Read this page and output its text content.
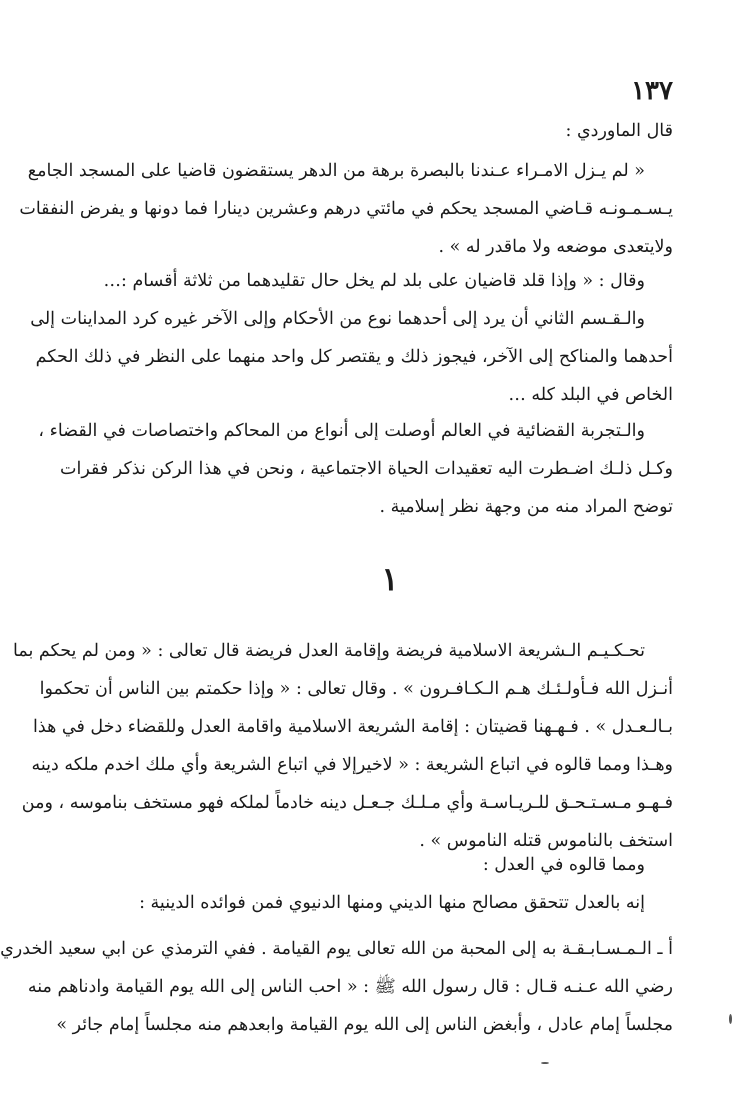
١٣٧
قال الماوردي :
« لم يـزل الامـراء عـندنا بالبصرة برهة من الدهر يستقضون قاضيا على المسجد الجامع
يـسـمـونـه قـاضي المسجد يحكم في مائتي درهم وعشرين دينارا فما دونها و يفرض النفقات
ولايتعدى موضعه ولا ماقدر له » .
وقال : « وإذا قلد قاضيان على بلد لم يخل حال تقليدهما من ثلاثة أقسام :…
والـقـسم الثاني أن يرد إلى أحدهما نوع من الأحكام وإلى الآخر غيره كرد المداينات إلى
أحدهما والمناكح إلى الآخر، فيجوز ذلك و يقتصر كل واحد منهما على النظر في ذلك الحكم
الخاص في البلد كله …
والـتجربة القضائية في العالم أوصلت إلى أنواع من المحاكم واختصاصات في القضاء ،
وكـل ذلـك اضـطرت اليه تعقيدات الحياة الاجتماعية ، ونحن في هذا الركن نذكر فقرات
توضح المراد منه من وجهة نظر إسلامية .
١
تحـكـيـم الـشريعة الاسلامية فريضة وإقامة العدل فريضة قال تعالى : « ومن لم يحكم بما
أنـزل الله فـأولـئـك هـم الـكـافـرون » . وقال تعالى : « وإذا حكمتم بين الناس أن تحكموا
بـالـعـدل » . فـهـهنا قضيتان : إقامة الشريعة الاسلامية واقامة العدل وللقضاء دخل في هذا
وهـذا ومما قالوه في اتباع الشريعة : « لاخيرإلا في اتباع الشريعة وأي ملك اخدم ملكه دينه
فـهـو مـسـتـحـق للـريـاسـة وأي مـلـك جـعـل دينه خادماً لملكه فهو مستخف بناموسه ، ومن
استخف بالناموس قتله الناموس » .
ومما قالوه في العدل :
إنه بالعدل تتحقق مصالح منها الديني ومنها الدنيوي فمن فوائده الدينية :
أ ـ الـمـسـابـقـة به إلى المحبة من الله تعالى يوم القيامة . ففي الترمذي عن ابي سعيد الخدري
رضي الله عـنـه قـال : قال رسول الله ﷺ : « احب الناس إلى الله يوم القيامة وادناهم منه
مجلساً إمام عادل ، وأبغض الناس إلى الله يوم القيامة وابعدهم منه مجلساً إمام جائر »
